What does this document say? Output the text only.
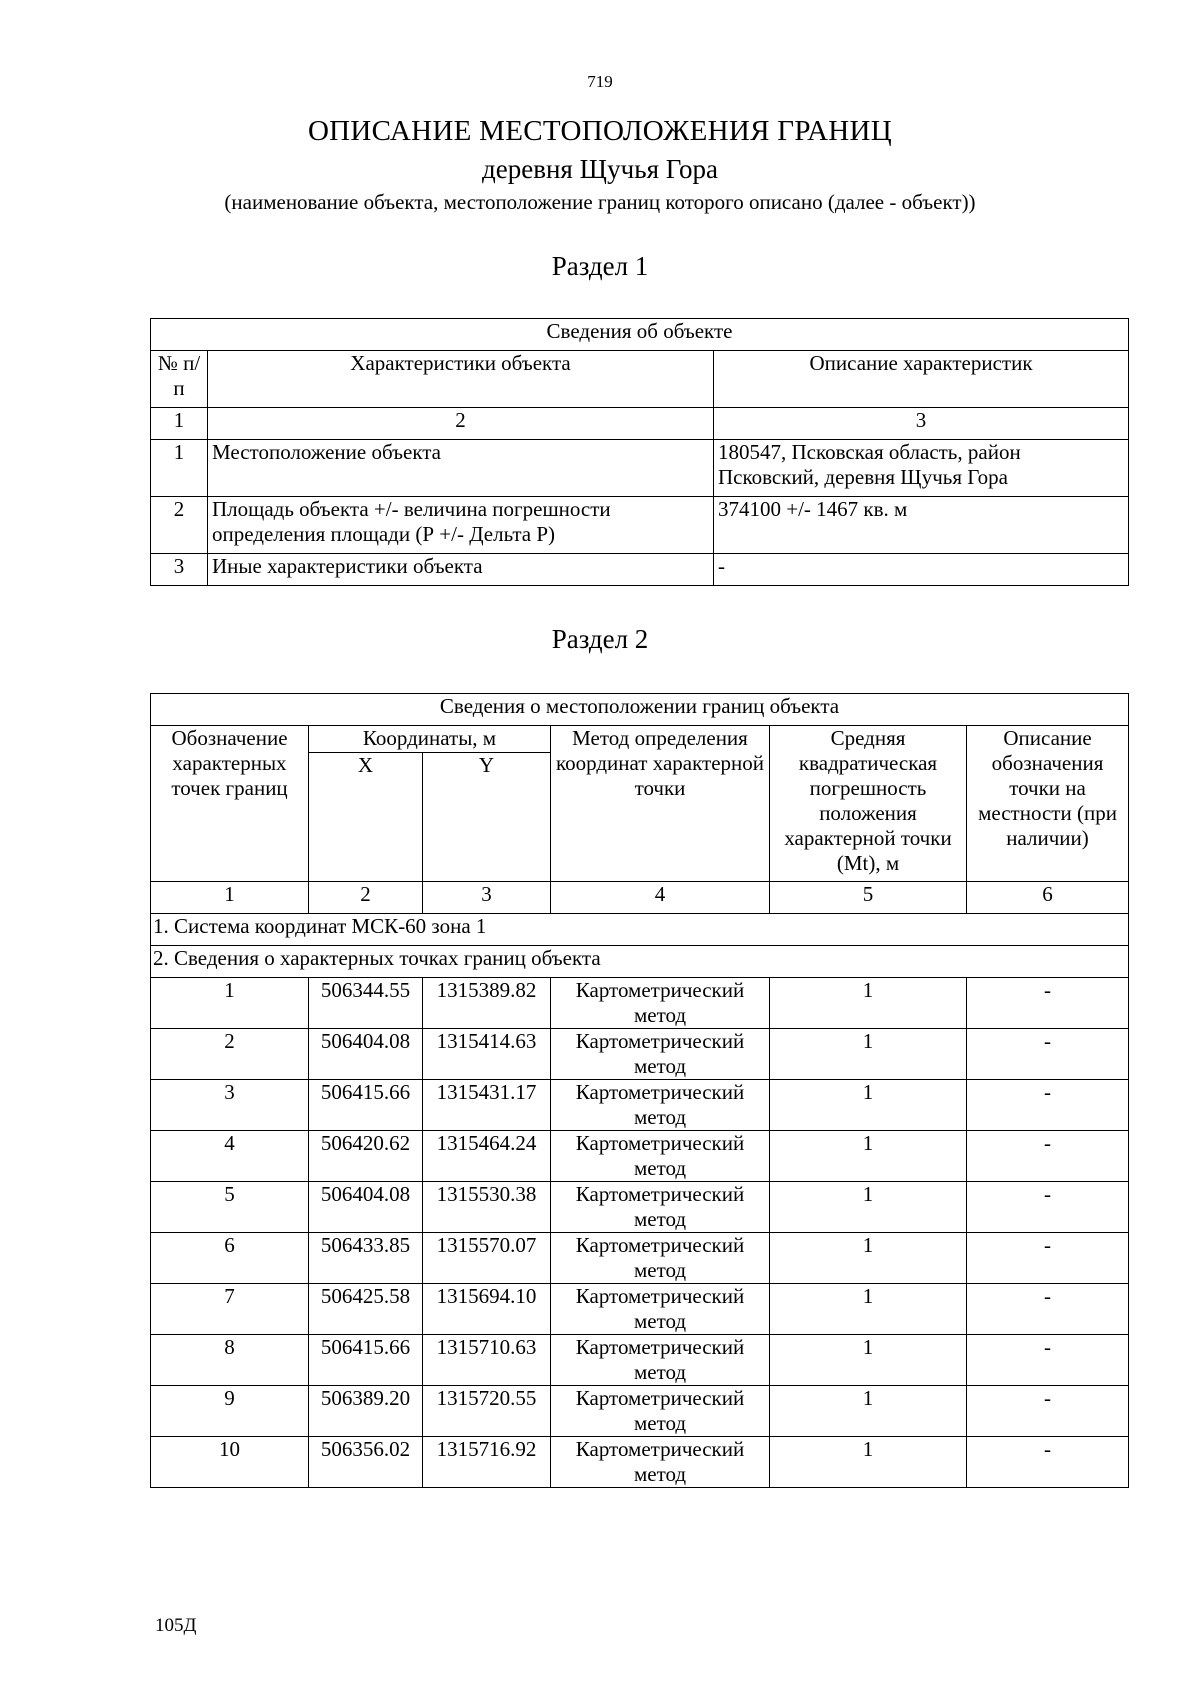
719
ОПИСАНИЕ МЕСТОПОЛОЖЕНИЯ ГРАНИЦ
деревня Щучья Гора
(наименование объекта, местоположение границ которого описано (далее - объект))
Раздел 1
Сведения об объекте		
№ п/п	Характеристики объекта	Описание характеристик
1	2	3
1	Местоположение объекта	180547, Псковская область, район Псковский, деревня Щучья Гора
2	Площадь объекта +/- величина погрешности определения площади (Р +/- Дельта Р)	374100 +/- 1467 кв. м
3	Иные характеристики объекта	-
Раздел 2
Сведения о местоположении границ объекта					
Обозначение характерных точек границ	Координаты, м		Метод определения координат характерной точки	Средняя квадратическая погрешность положения характерной точки (Mt), м	Описание обозначения точки на местности (при наличии)
	X	Y			
1	2	3	4	5	6
1. Система координат МСК-60 зона 1					
2. Сведения о характерных точках границ объекта					
1	506344.55	1315389.82	Картометрический метод	1	-
2	506404.08	1315414.63	Картометрический метод	1	-
3	506415.66	1315431.17	Картометрический метод	1	-
4	506420.62	1315464.24	Картометрический метод	1	-
5	506404.08	1315530.38	Картометрический метод	1	-
6	506433.85	1315570.07	Картометрический метод	1	-
7	506425.58	1315694.10	Картометрический метод	1	-
8	506415.66	1315710.63	Картометрический метод	1	-
9	506389.20	1315720.55	Картометрический метод	1	-
10	506356.02	1315716.92	Картометрический метод	1	-
105Д
